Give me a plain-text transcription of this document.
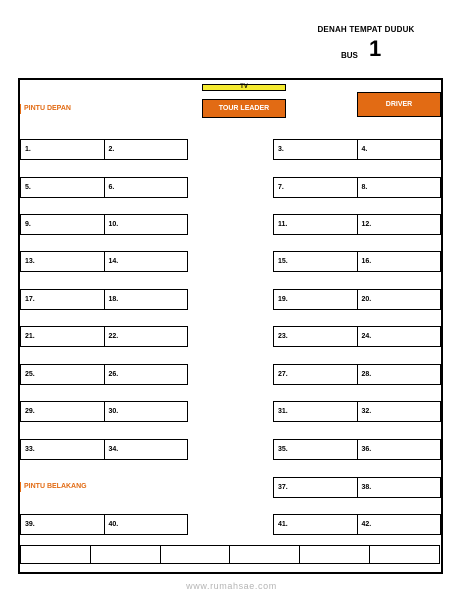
DENAH TEMPAT DUDUK
BUS 1
TV
TOUR LEADER
DRIVER
PINTU DEPAN
PINTU BELAKANG
1.	2.	3.	4.
5.	6.	7.	8.
9.	10.	11.	12.
13.	14.	15.	16.
17.	18.	19.	20.
21.	22.	23.	24.
25.	26.	27.	28.
29.	30.	31.	32.
33.	34.	35.	36.
37.	38.
39.	40.	41.	42.
www.rumahsae.com
